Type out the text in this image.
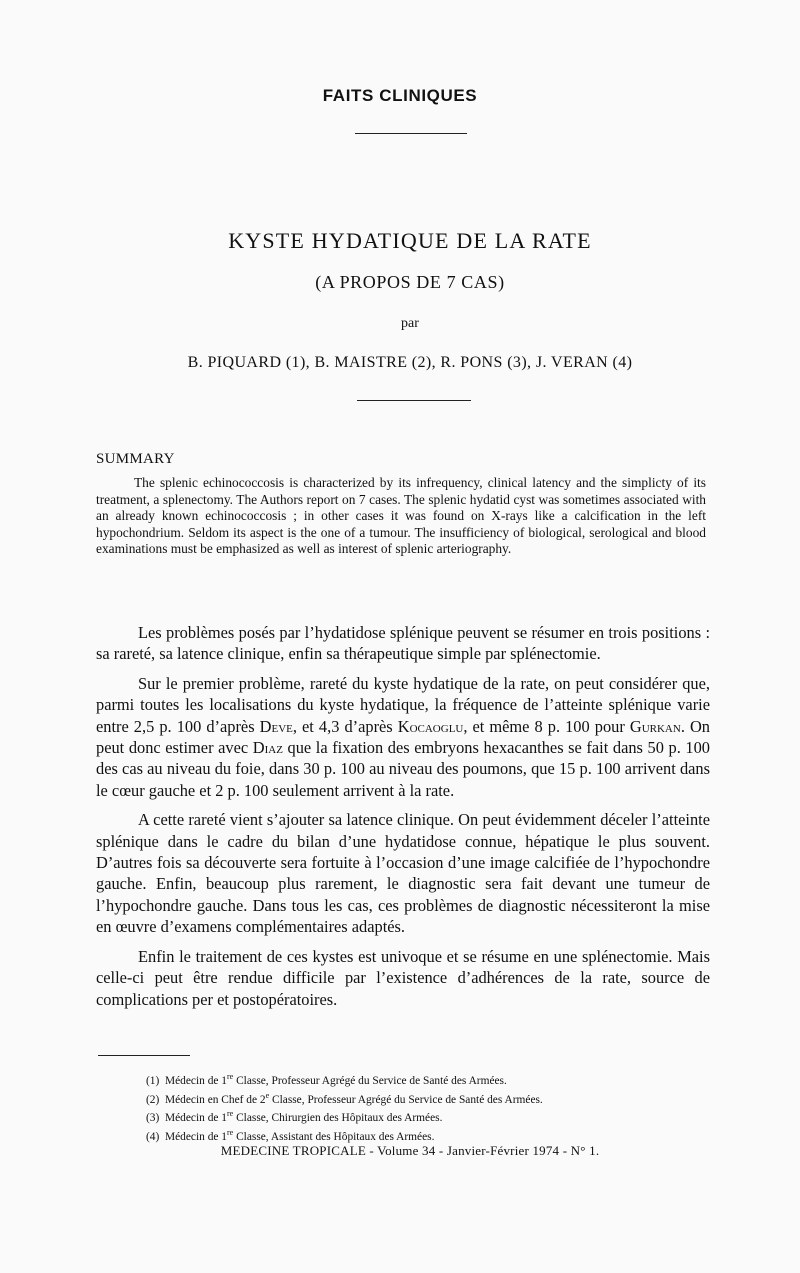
FAITS CLINIQUES
KYSTE HYDATIQUE DE LA RATE
(A PROPOS DE 7 CAS)
par
B. PIQUARD (1), B. MAISTRE (2), R. PONS (3), J. VERAN (4)
SUMMARY
The splenic echinococcosis is characterized by its infrequency, clinical latency and the simplicty of its treatment, a splenectomy. The Authors report on 7 cases. The splenic hydatid cyst was sometimes associated with an already known echinococcosis ; in other cases it was found on X-rays like a calcification in the left hypochondrium. Seldom its aspect is the one of a tumour. The insufficiency of biological, serological and blood examinations must be emphasized as well as interest of splenic arteriography.

Les problèmes posés par l’hydatidose splénique peuvent se résumer en trois positions : sa rareté, sa latence clinique, enfin sa thérapeutique simple par splénectomie.

Sur le premier problème, rareté du kyste hydatique de la rate, on peut considérer que, parmi toutes les localisations du kyste hydatique, la fréquence de l’atteinte splénique varie entre 2,5 p. 100 d’après Deve, et 4,3 d’après Kocaoglu, et même 8 p. 100 pour Gurkan. On peut donc estimer avec Diaz que la fixation des embryons hexacanthes se fait dans 50 p. 100 des cas au niveau du foie, dans 30 p. 100 au niveau des poumons, que 15 p. 100 arrivent dans le cœur gauche et 2 p. 100 seulement arrivent à la rate.

A cette rareté vient s’ajouter sa latence clinique. On peut évidemment déceler l’atteinte splénique dans le cadre du bilan d’une hydatidose connue, hépatique le plus souvent. D’autres fois sa découverte sera fortuite à l’occasion d’une image calcifiée de l’hypochondre gauche. Enfin, beaucoup plus rarement, le diagnostic sera fait devant une tumeur de l’hypochondre gauche. Dans tous les cas, ces problèmes de diagnostic nécessiteront la mise en œuvre d’examens complémentaires adaptés.

Enfin le traitement de ces kystes est univoque et se résume en une splénectomie. Mais celle-ci peut être rendue difficile par l’existence d’adhérences de la rate, source de complications per et postopératoires.

(1) Médecin de 1re Classe, Professeur Agrégé du Service de Santé des Armées.
(2) Médecin en Chef de 2e Classe, Professeur Agrégé du Service de Santé des Armées.
(3) Médecin de 1re Classe, Chirurgien des Hôpitaux des Armées.
(4) Médecin de 1re Classe, Assistant des Hôpitaux des Armées.
MEDECINE TROPICALE - Volume 34 - Janvier-Février 1974 - N° 1.
